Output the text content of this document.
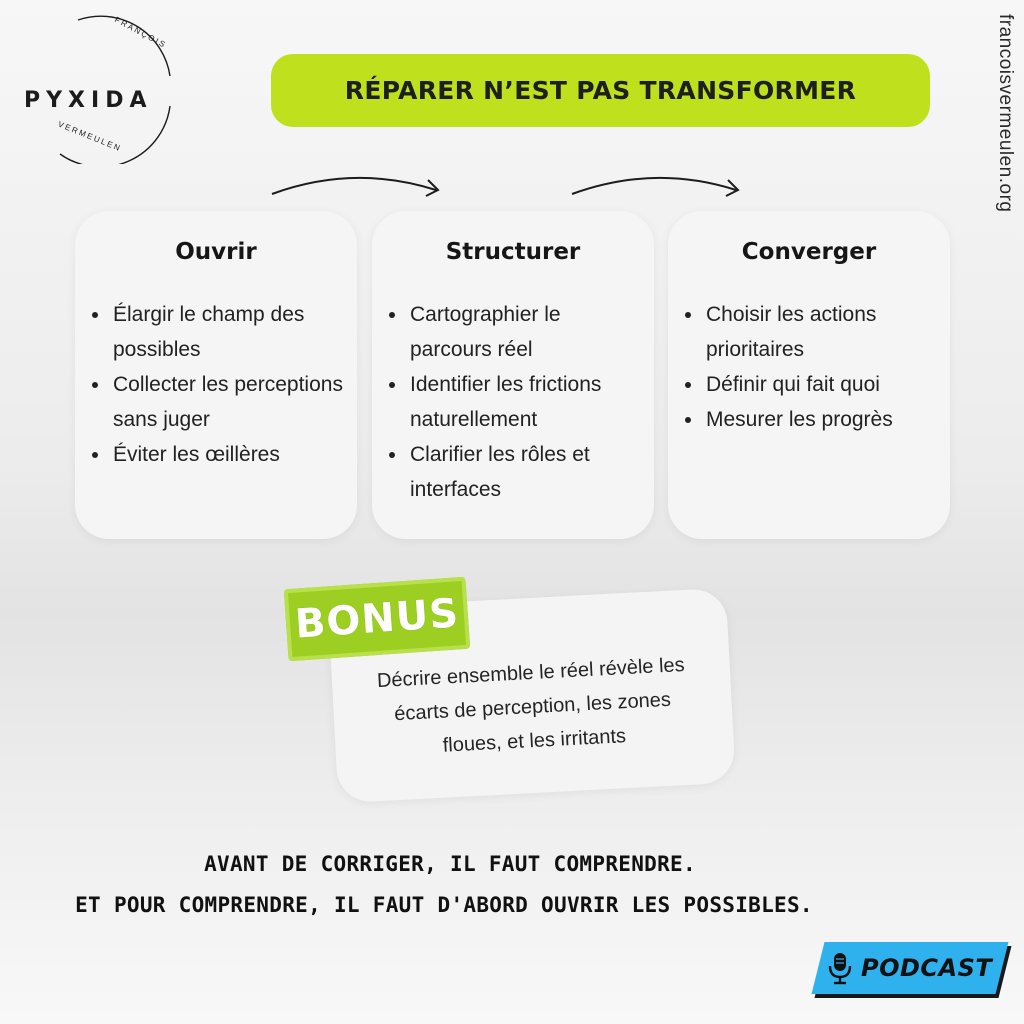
FRANÇOIS
PYXIDA
VERMEULEN
RÉPARER N’EST PAS TRANSFORMER	francoisvermeulen.org
Ouvrir
• Élargir le champ des possibles
• Collecter les perceptions sans juger
• Éviter les œillères
Structurer
• Cartographier le parcours réel
• Identifier les frictions naturellement
• Clarifier les rôles et interfaces
Converger
• Choisir les actions prioritaires
• Définir qui fait quoi
• Mesurer les progrès
Décrire ensemble le réel révèle les écarts de perception, les zones floues, et les irritants
BONUS
AVANT DE CORRIGER, IL FAUT COMPRENDRE.
ET POUR COMPRENDRE, IL FAUT D'ABORD OUVRIR LES POSSIBLES.
PODCAST
